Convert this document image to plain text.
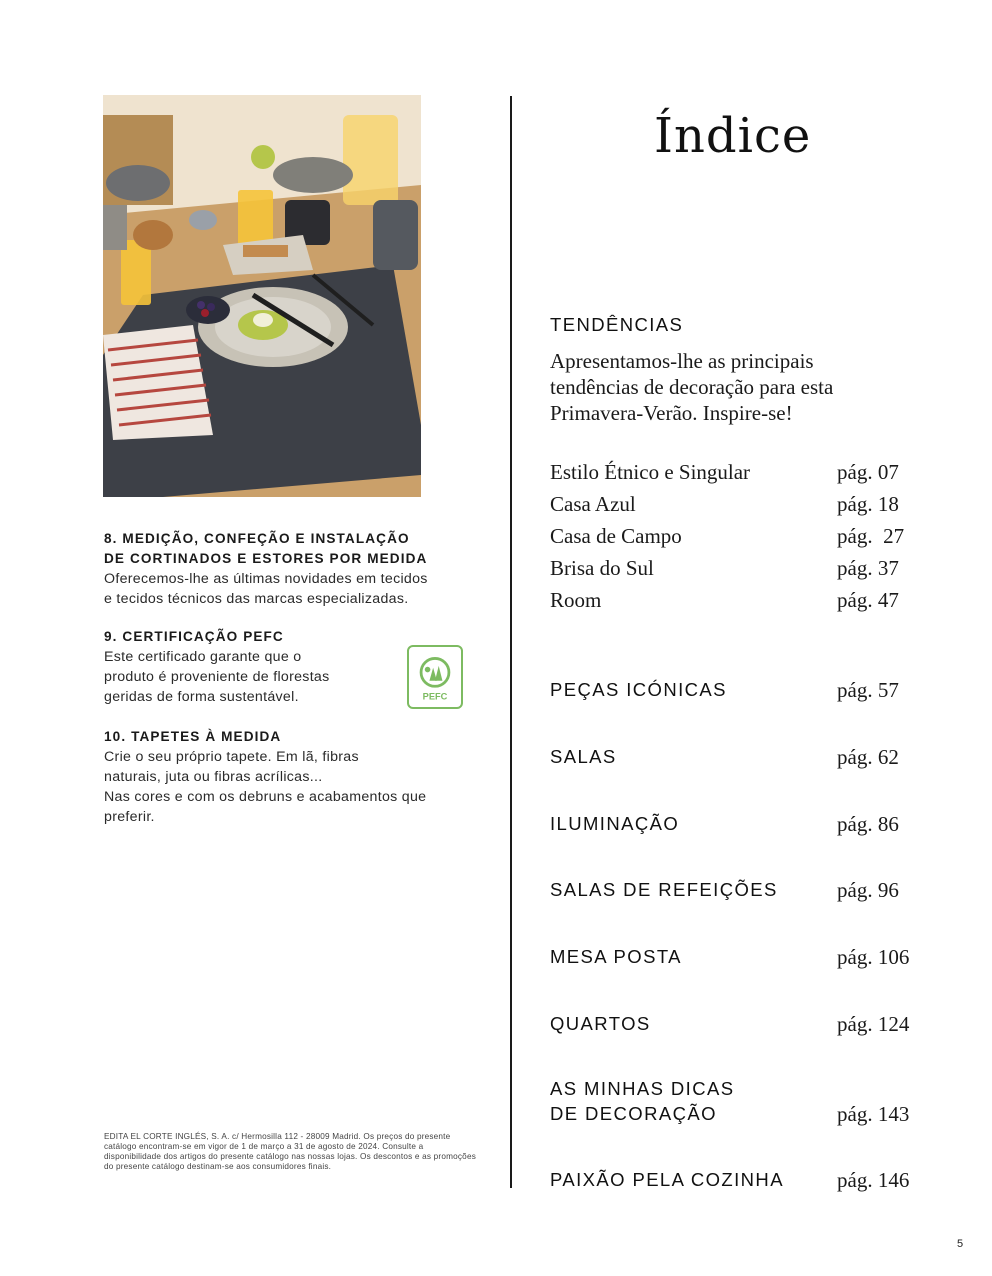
8. MEDIÇÃO, CONFEÇÃO E INSTALAÇÃO
DE CORTINADOS E ESTORES POR MEDIDA
Oferecemos-lhe as últimas novidades em tecidos
e tecidos técnicos das marcas especializadas.
9. CERTIFICAÇÃO PEFC
Este certificado garante que o
produto é proveniente de florestas
geridas de forma sustentável.	PEFC
10. TAPETES À MEDIDA
Crie o seu próprio tapete. Em lã, fibras
naturais, juta ou fibras acrílicas...
Nas cores e com os debruns e acabamentos que
preferir.
EDITA EL CORTE INGLÉS, S. A. c/ Hermosilla 112 - 28009 Madrid. Os preços do presente catálogo encontram-se em vigor de 1 de março a 31 de agosto de 2024. Consulte a disponibilidade dos artigos do presente catálogo nas nossas lojas. Os descontos e as promoções do presente catálogo destinam-se aos consumidores finais.
Índice
TENDÊNCIAS
Apresentamos-lhe as principais
tendências de decoração para esta
Primavera-Verão. Inspire-se!
Estilo Étnico e Singular	pág. 07
Casa Azul	pág. 18
Casa de Campo	pág.  27
Brisa do Sul	pág. 37
Room	pág. 47
PEÇAS ICÓNICAS	pág. 57
SALAS	pág. 62
ILUMINAÇÃO	pág. 86
SALAS DE REFEIÇÕES	pág. 96
MESA POSTA	pág. 106
QUARTOS	pág. 124
AS MINHAS DICAS
DE DECORAÇÃO	pág. 143
PAIXÃO PELA COZINHA	pág. 146
5
